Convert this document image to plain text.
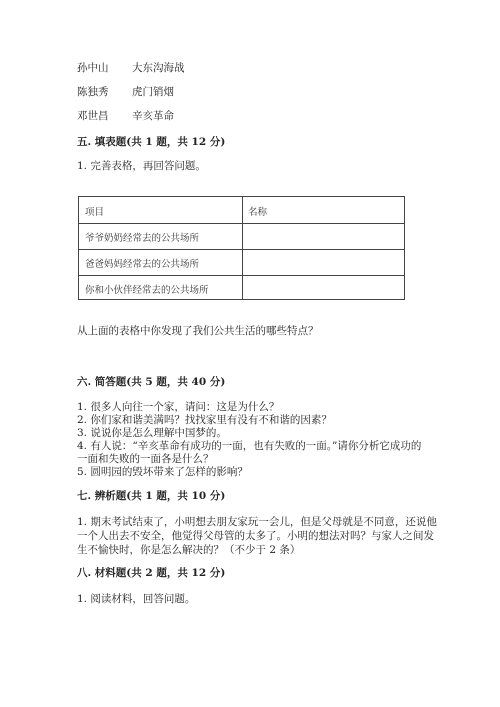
孙中山 大东沟海战
陈独秀 虎门销烟
邓世昌 辛亥革命
五. 填表题(共 1 题，共 12 分)
1. 完善表格，再回答问题。
项目	名称
爷爷奶奶经常去的公共场所
爸爸妈妈经常去的公共场所
你和小伙伴经常去的公共场所
从上面的表格中你发现了我们公共生活的哪些特点？
六. 简答题(共 5 题，共 40 分)
1. 很多人向往一个家，请问：这是为什么？
2. 你们家和谐美满吗？找找家里有没有不和谐的因素？
3. 说说你是怎么理解中国梦的。
4. 有人说：“辛亥革命有成功的一面，也有失败的一面。”请你分析它成功的
一面和失败的一面各是什么？
5. 圆明园的毁坏带来了怎样的影响？
七. 辨析题(共 1 题，共 10 分)
1. 期末考试结束了，小明想去朋友家玩一会儿，但是父母就是不同意，还说他
一个人出去不安全，他觉得父母管的太多了。小明的想法对吗？与家人之间发
生不愉快时，你是怎么解决的？（不少于 2 条）
八. 材料题(共 2 题，共 12 分)
1. 阅读材料，回答问题。
